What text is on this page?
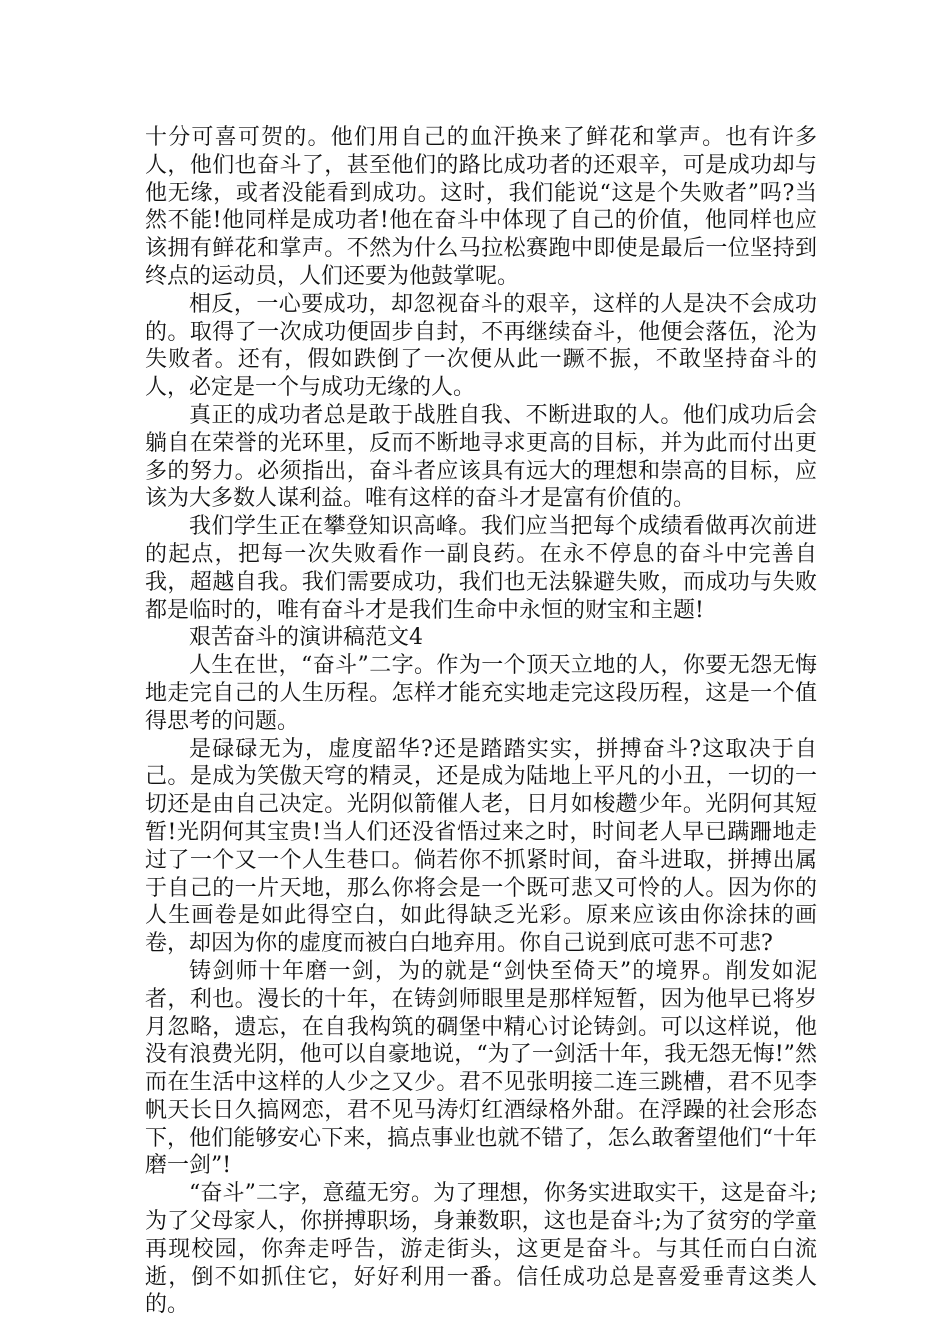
十分可喜可贺的。他们用自己的血汗换来了鲜花和掌声。也有许多人，他们也奋斗了，甚至他们的路比成功者的还艰辛，可是成功却与他无缘，或者没能看到成功。这时，我们能说“这是个失败者”吗?当然不能!他同样是成功者!他在奋斗中体现了自己的价值，他同样也应该拥有鲜花和掌声。不然为什么马拉松赛跑中即使是最后一位坚持到终点的运动员，人们还要为他鼓掌呢。

相反，一心要成功，却忽视奋斗的艰辛，这样的人是决不会成功的。取得了一次成功便固步自封，不再继续奋斗，他便会落伍，沦为失败者。还有，假如跌倒了一次便从此一蹶不振，不敢坚持奋斗的人，必定是一个与成功无缘的人。

真正的成功者总是敢于战胜自我、不断进取的人。他们成功后会躺自在荣誉的光环里，反而不断地寻求更高的目标，并为此而付出更多的努力。必须指出，奋斗者应该具有远大的理想和崇高的目标，应该为大多数人谋利益。唯有这样的奋斗才是富有价值的。

我们学生正在攀登知识高峰。我们应当把每个成绩看做再次前进的起点，把每一次失败看作一副良药。在永不停息的奋斗中完善自我，超越自我。我们需要成功，我们也无法躲避失败，而成功与失败都是临时的，唯有奋斗才是我们生命中永恒的财宝和主题!

艰苦奋斗的演讲稿范文4

人生在世，“奋斗”二字。作为一个顶天立地的人，你要无怨无悔地走完自己的人生历程。怎样才能充实地走完这段历程，这是一个值得思考的问题。

是碌碌无为，虚度韶华?还是踏踏实实，拼搏奋斗?这取决于自己。是成为笑傲天穹的精灵，还是成为陆地上平凡的小丑，一切的一切还是由自己决定。光阴似箭催人老，日月如梭趱少年。光阴何其短暂!光阴何其宝贵!当人们还没省悟过来之时，时间老人早已蹒跚地走过了一个又一个人生巷口。倘若你不抓紧时间，奋斗进取，拼搏出属于自己的一片天地，那么你将会是一个既可悲又可怜的人。因为你的人生画卷是如此得空白，如此得缺乏光彩。原来应该由你涂抹的画卷，却因为你的虚度而被白白地弃用。你自己说到底可悲不可悲?

铸剑师十年磨一剑，为的就是“剑快至倚天”的境界。削发如泥者，利也。漫长的十年，在铸剑师眼里是那样短暂，因为他早已将岁月忽略，遗忘，在自我构筑的碉堡中精心讨论铸剑。可以这样说，他没有浪费光阴，他可以自豪地说，“为了一剑活十年，我无怨无悔!”然而在生活中这样的人少之又少。君不见张明接二连三跳槽，君不见李帆天长日久搞网恋，君不见马涛灯红酒绿格外甜。在浮躁的社会形态下，他们能够安心下来，搞点事业也就不错了，怎么敢奢望他们“十年磨一剑”!

“奋斗”二字，意蕴无穷。为了理想，你务实进取实干，这是奋斗;为了父母家人，你拼搏职场，身兼数职，这也是奋斗;为了贫穷的学童再现校园，你奔走呼告，游走街头，这更是奋斗。与其任而白白流逝，倒不如抓住它，好好利用一番。信任成功总是喜爱垂青这类人的。
